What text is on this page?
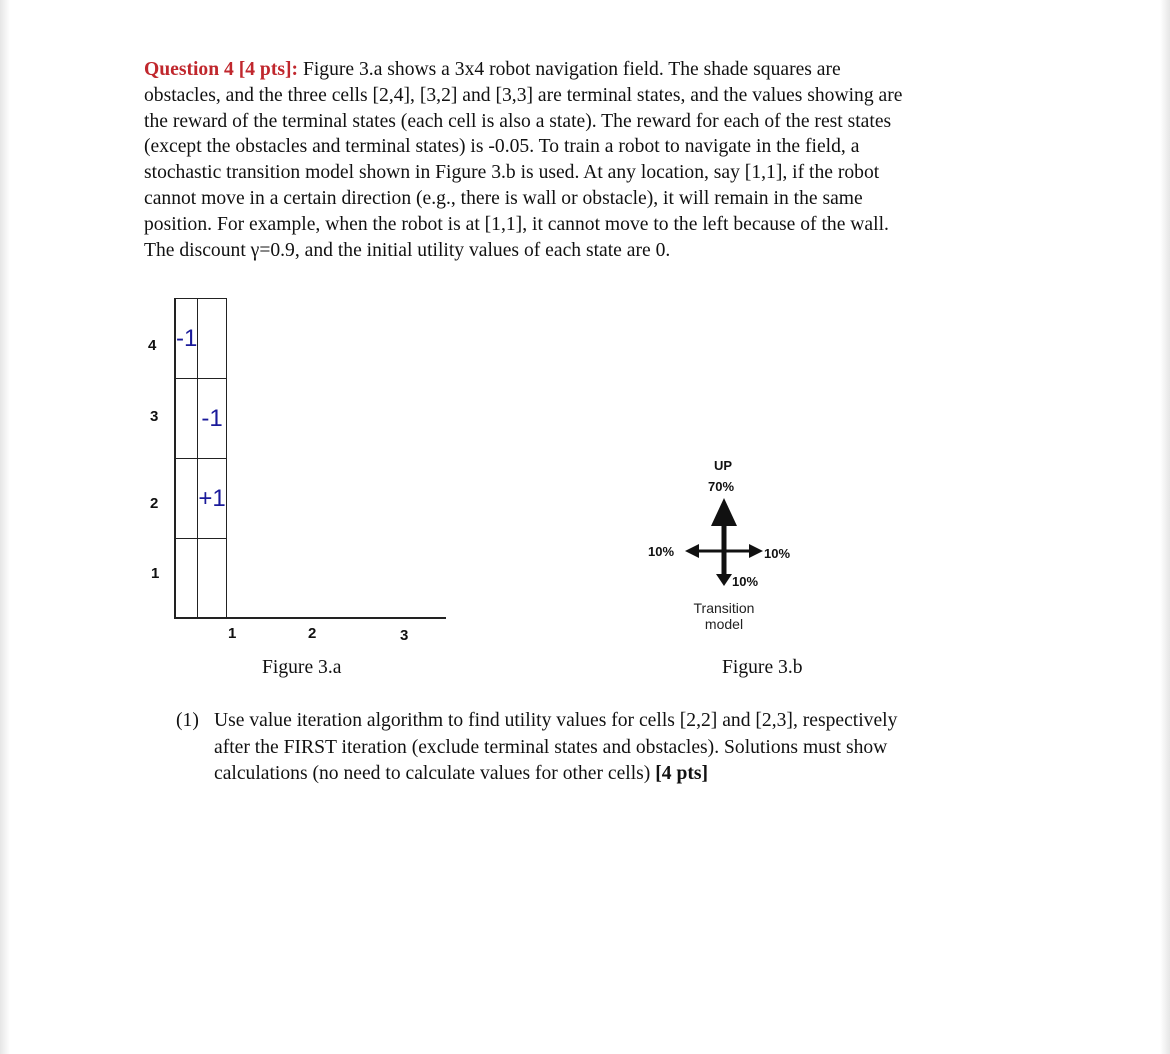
Question 4 [4 pts]: Figure 3.a shows a 3x4 robot navigation field. The shade squares are
obstacles, and the three cells [2,4], [3,2] and [3,3] are terminal states, and the values showing are
the reward of the terminal states (each cell is also a state). The reward for each of the rest states
(except the obstacles and terminal states) is -0.05. To train a robot to navigate in the field, a
stochastic transition model shown in Figure 3.b is used. At any location, say [1,1], if the robot
cannot move in a certain direction (e.g., there is wall or obstacle), it will remain in the same
position. For example, when the robot is at [1,1], it cannot move to the left because of the wall.
The discount γ=0.9, and the initial utility values of each state are 0.
	-1	
		-1
		+1

4
3
2
1
1	2	3
Figure 3.a
UP
70%
10%	10%
10%
Transition
model
Figure 3.b
(1) Use value iteration algorithm to find utility values for cells [2,2] and [2,3], respectively
after the FIRST iteration (exclude terminal states and obstacles). Solutions must show
calculations (no need to calculate values for other cells) [4 pts]
